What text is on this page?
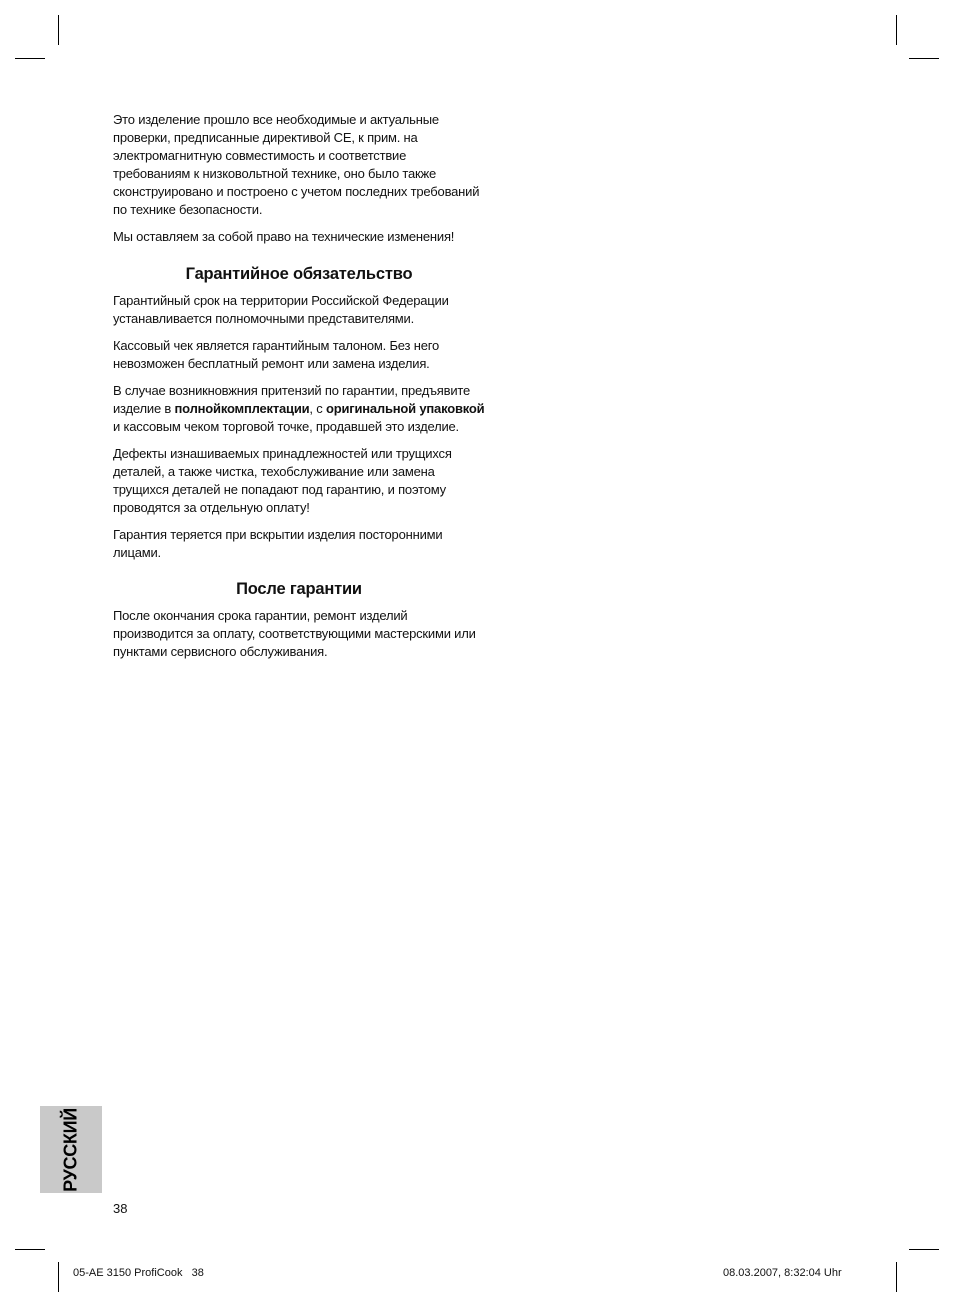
Это изделение прошло все необходимые и актуальные проверки, предписанные директивой CE, к прим. на электромагнитную совместимость и соответствие требованиям к низковольтной технике, оно было также сконструировано и построено с учетом последних требований по технике безопасности.

Мы оставляем за собой право на технические изменения!

Гарантийное обязательство

Гарантийный срок на территории Российской Федерации устанавливается полномочными представителями.

Кассовый чек является гарантийным талоном. Без него невозможен бесплатный ремонт или замена изделия.

В случае возникновжния притензий по гарантии, предъявите изделие в полнойкомплектации, с оригинальной упаковкой и кассовым чеком торговой точке, продавшей это изделие.

Дефекты изнашиваемых принадлежностей или трущихся деталей, а также чистка, техобслуживание или замена трущихся деталей не попадают под гарантию, и поэтому проводятся за отдельную оплату!

Гарантия теряется при вскрытии изделия посторонними лицами.

После гарантии

После окончания срока гарантии, ремонт изделий производится за оплату, соответствующими мастерскими или пунктами сервисного обслуживания.

РУССКИЙ
38
05-AE 3150 ProfiCook   38	08.03.2007, 8:32:04 Uhr
